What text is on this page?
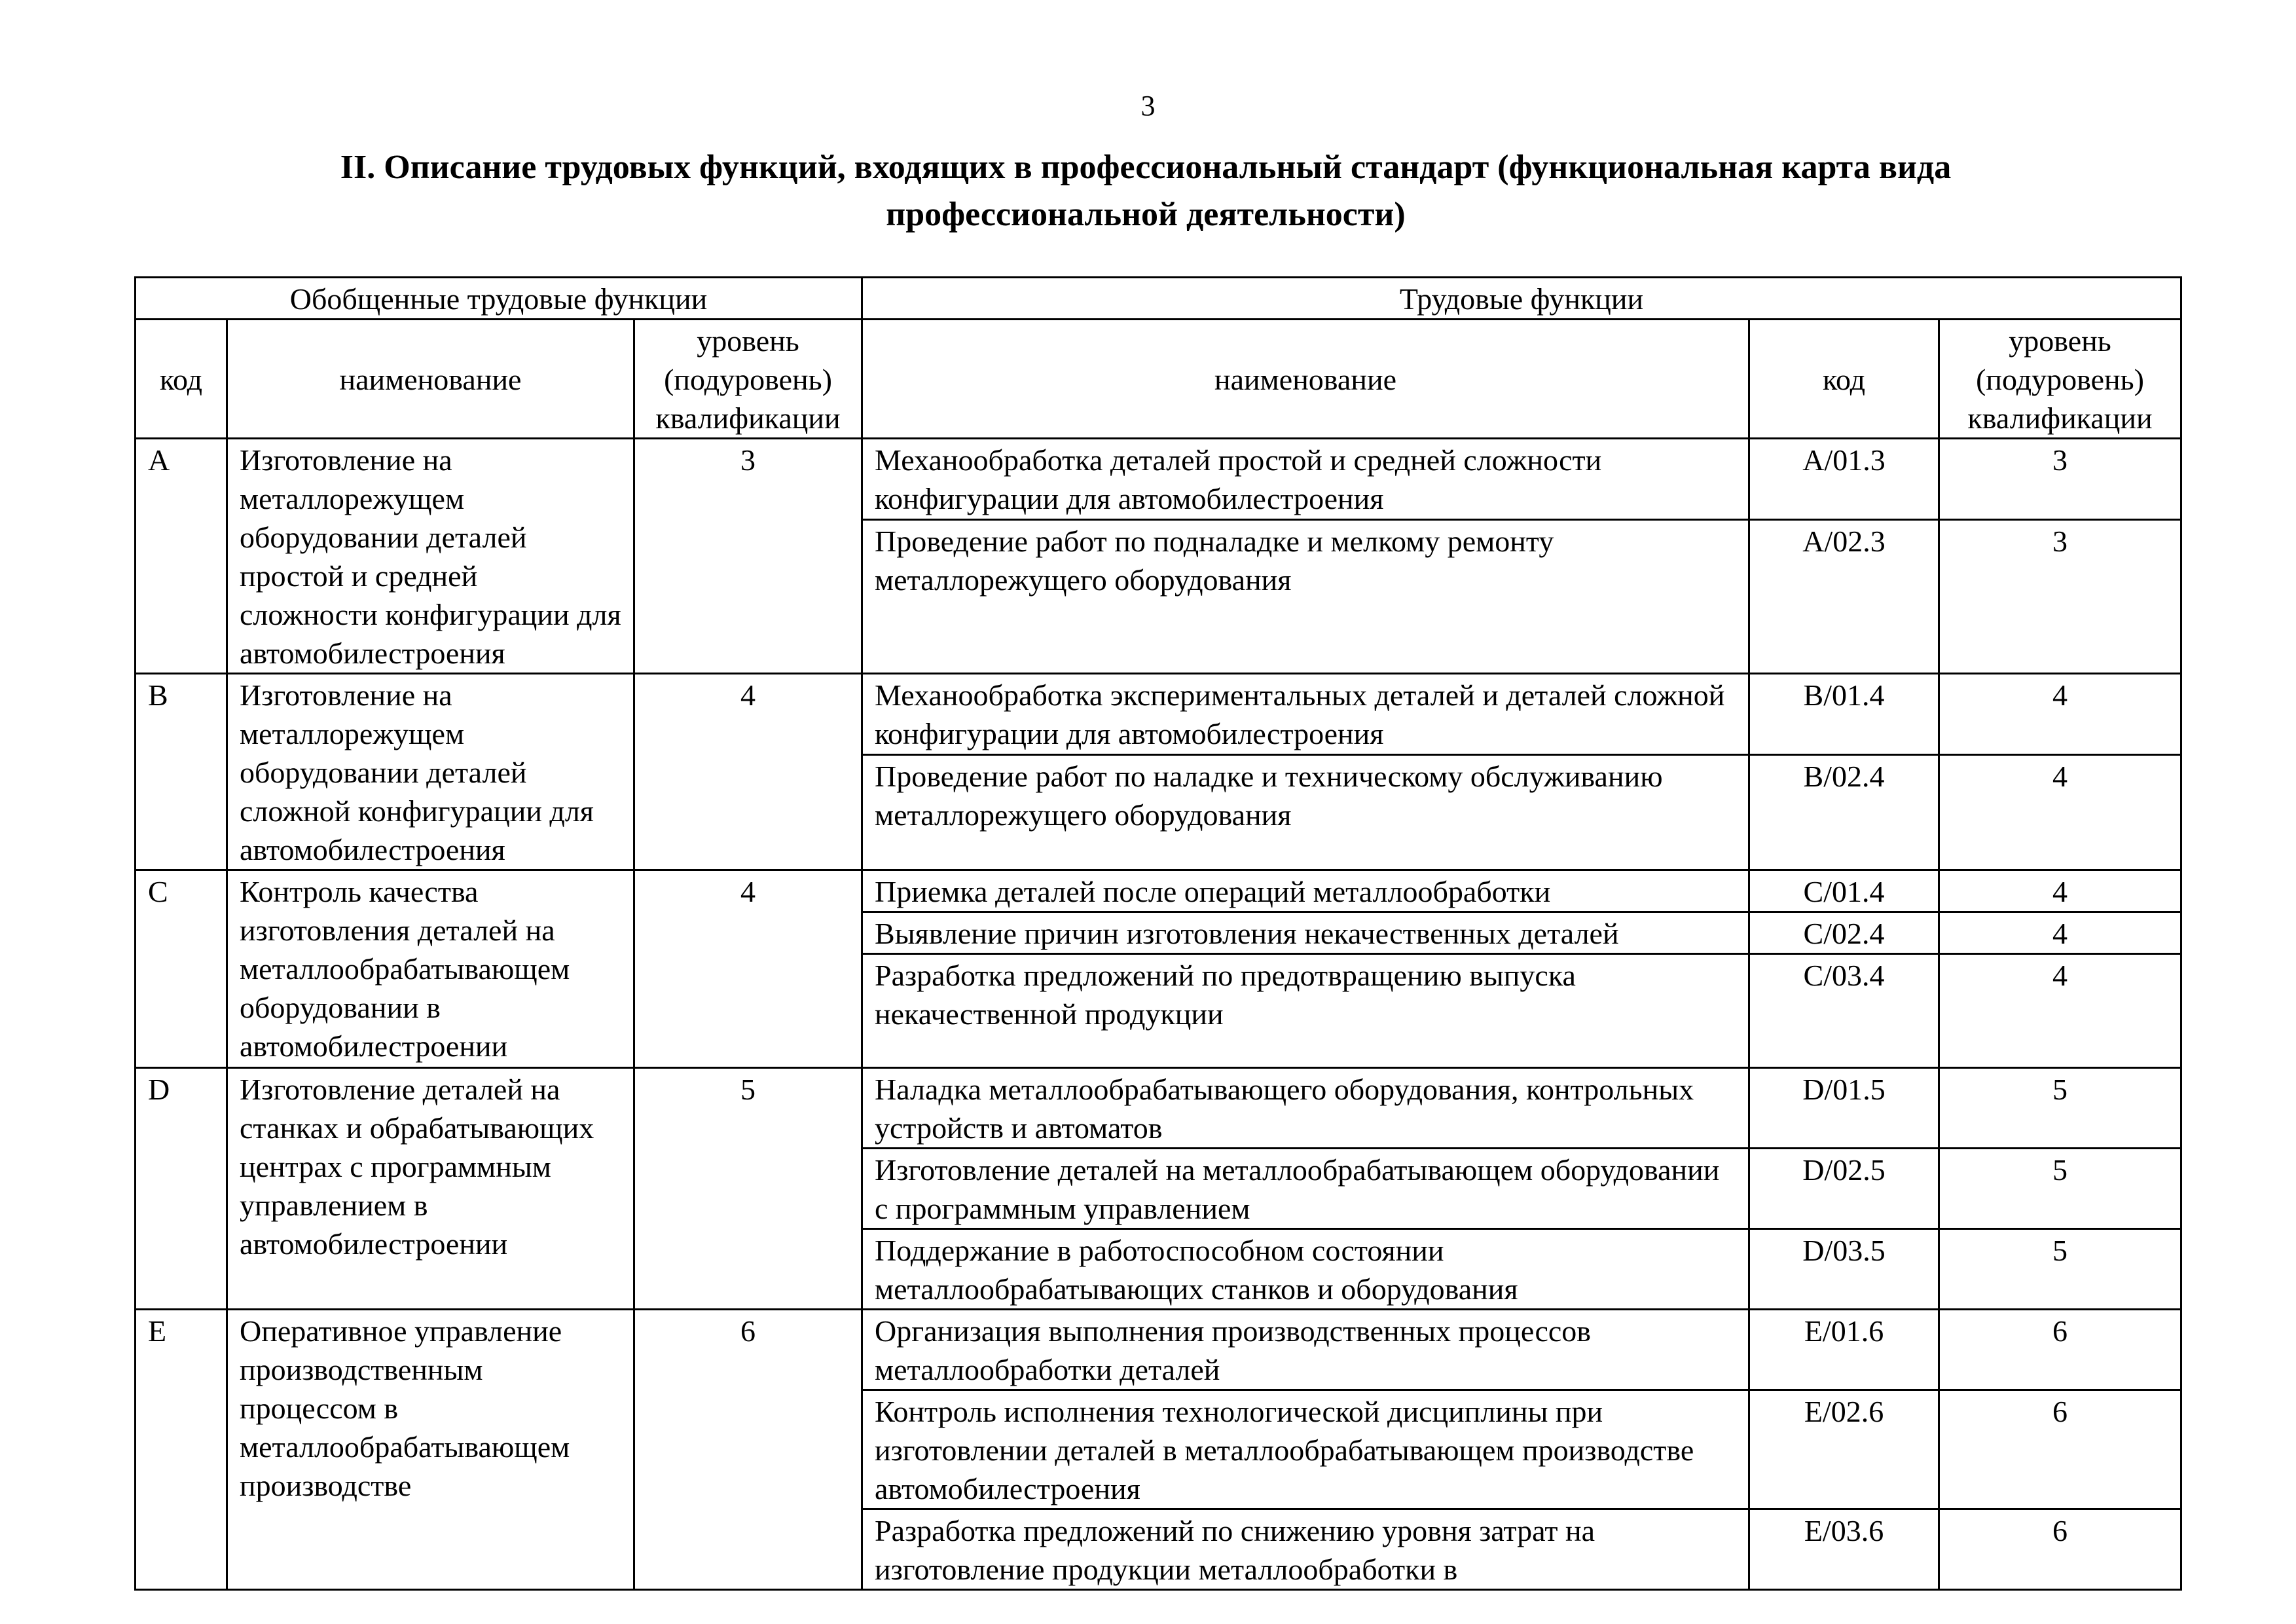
3
II. Описание трудовых функций, входящих в профессиональный стандарт (функциональная карта вида
профессиональной деятельности)
Обобщенные трудовые функции			Трудовые функции		
код	наименование	уровень (подуровень) квалификации	наименование	код	уровень (подуровень) квалификации
A	Изготовление на металлорежущем оборудовании деталей простой и средней сложности конфигурации для автомобилестроения	3	Механообработка деталей простой и средней сложности конфигурации для автомобилестроения	A/01.3	3
			Проведение работ по подналадке и мелкому ремонту металлорежущего оборудования	A/02.3	3
B	Изготовление на металлорежущем оборудовании деталей сложной конфигурации для автомобилестроения	4	Механообработка экспериментальных деталей и деталей сложной конфигурации для автомобилестроения	B/01.4	4
			Проведение работ по наладке и техническому обслуживанию металлорежущего оборудования	B/02.4	4
C	Контроль качества изготовления деталей на металлообрабатывающем оборудовании в автомобилестроении	4	Приемка деталей после операций металлообработки	C/01.4	4
			Выявление причин изготовления некачественных деталей	C/02.4	4
			Разработка предложений по предотвращению выпуска некачественной продукции	C/03.4	4
D	Изготовление деталей на станках и обрабатывающих центрах с программным управлением в автомобилестроении	5	Наладка металлообрабатывающего оборудования, контрольных устройств и автоматов	D/01.5	5
			Изготовление деталей на металлообрабатывающем оборудовании с программным управлением	D/02.5	5
			Поддержание в работоспособном состоянии металлообрабатывающих станков и оборудования	D/03.5	5
E	Оперативное управление производственным процессом в металлообрабатывающем производстве	6	Организация выполнения производственных процессов металлообработки деталей	E/01.6	6
			Контроль исполнения технологической дисциплины при изготовлении деталей в металлообрабатывающем производстве автомобилестроения	E/02.6	6
			Разработка предложений по снижению уровня затрат на изготовление продукции металлообработки в	E/03.6	6
